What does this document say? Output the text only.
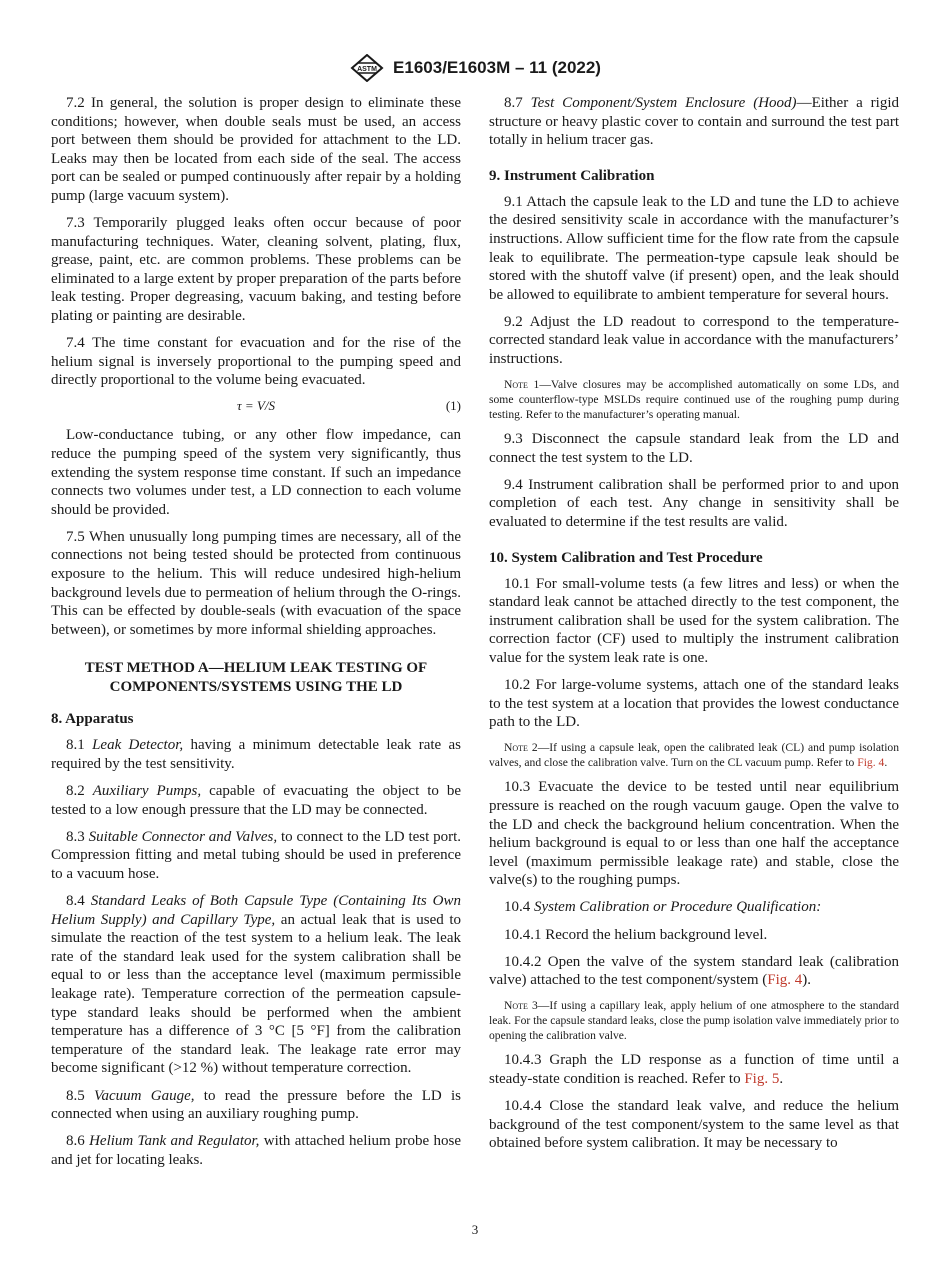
ASTM E1603/E1603M – 11 (2022)

7.2 In general, the solution is proper design to eliminate these conditions; however, when double seals must be used, an access port between them should be provided for attachment to the LD. Leaks may then be located from each side of the seal. The access port can be sealed or pumped continuously after repair by a holding pump (large vacuum system).

7.3 Temporarily plugged leaks often occur because of poor manufacturing techniques. Water, cleaning solvent, plating, flux, grease, paint, etc. are common problems. These problems can be eliminated to a large extent by proper preparation of the parts before leak testing. Proper degreasing, vacuum baking, and testing before plating or painting are desirable.

7.4 The time constant for evacuation and for the rise of the helium signal is inversely proportional to the pumping speed and directly proportional to the volume being evacuated.

τ = V/S	(1)

Low-conductance tubing, or any other flow impedance, can reduce the pumping speed of the system very significantly, thus extending the system response time constant. If such an impedance connects two volumes under test, a LD connection to each volume should be provided.

7.5 When unusually long pumping times are necessary, all of the connections not being tested should be protected from continuous exposure to the helium. This will reduce undesired high-helium background levels due to permeation of helium through the O-rings. This can be effected by double-seals (with evacuation of the space between), or sometimes by more informal shielding approaches.

TEST METHOD A—HELIUM LEAK TESTING OF COMPONENTS/SYSTEMS USING THE LD
8. Apparatus

8.1 Leak Detector, having a minimum detectable leak rate as required by the test sensitivity.

8.2 Auxiliary Pumps, capable of evacuating the object to be tested to a low enough pressure that the LD may be connected.

8.3 Suitable Connector and Valves, to connect to the LD test port. Compression fitting and metal tubing should be used in preference to a vacuum hose.

8.4 Standard Leaks of Both Capsule Type (Containing Its Own Helium Supply) and Capillary Type, an actual leak that is used to simulate the reaction of the test system to a helium leak. The leak rate of the standard leak used for the system calibration shall be equal to or less than the acceptance level (maximum permissible leakage rate). Temperature correction of the permeation capsule-type standard leaks should be performed when the ambient temperature has a difference of 3 °C [5 °F] from the calibration temperature of the standard leak. The leakage rate error may become significant (>12 %) without temperature correction.

8.5 Vacuum Gauge, to read the pressure before the LD is connected when using an auxiliary roughing pump.

8.6 Helium Tank and Regulator, with attached helium probe hose and jet for locating leaks.

8.7 Test Component/System Enclosure (Hood)—Either a rigid structure or heavy plastic cover to contain and surround the test part totally in helium tracer gas.

9. Instrument Calibration

9.1 Attach the capsule leak to the LD and tune the LD to achieve the desired sensitivity scale in accordance with the manufacturer’s instructions. Allow sufficient time for the flow rate from the capsule leak to equilibrate. The permeation-type capsule leak should be stored with the shutoff valve (if present) open, and the leak should be allowed to equilibrate to ambient temperature for several hours.

9.2 Adjust the LD readout to correspond to the temperature-corrected standard leak value in accordance with the manufacturers’ instructions.

Note 1—Valve closures may be accomplished automatically on some LDs, and some counterflow-type MSLDs require continued use of the roughing pump during testing. Refer to the manufacturer’s operating manual.

9.3 Disconnect the capsule standard leak from the LD and connect the test system to the LD.

9.4 Instrument calibration shall be performed prior to and upon completion of each test. Any change in sensitivity shall be evaluated to determine if the test results are valid.

10. System Calibration and Test Procedure

10.1 For small-volume tests (a few litres and less) or when the standard leak cannot be attached directly to the test component, the instrument calibration shall be used for the system calibration. The correction factor (CF) used to multiply the instrument calibration value for the system leak rate is one.

10.2 For large-volume systems, attach one of the standard leaks to the test system at a location that provides the lowest conductance path to the LD.

Note 2—If using a capsule leak, open the calibrated leak (CL) and pump isolation valves, and close the calibration valve. Turn on the CL vacuum pump. Refer to Fig. 4.

10.3 Evacuate the device to be tested until near equilibrium pressure is reached on the rough vacuum gauge. Open the valve to the LD and check the background helium concentration. When the helium background is equal to or less than one half the acceptance level (maximum permissible leakage rate) and stable, close the valve(s) to the roughing pumps.

10.4 System Calibration or Procedure Qualification:

10.4.1 Record the helium background level.

10.4.2 Open the valve of the system standard leak (calibration valve) attached to the test component/system (Fig. 4).

Note 3—If using a capillary leak, apply helium of one atmosphere to the standard leak. For the capsule standard leaks, close the pump isolation valve immediately prior to opening the calibration valve.

10.4.3 Graph the LD response as a function of time until a steady-state condition is reached. Refer to Fig. 5.

10.4.4 Close the standard leak valve, and reduce the helium background of the test component/system to the same level as that obtained before system calibration. It may be necessary to

3
